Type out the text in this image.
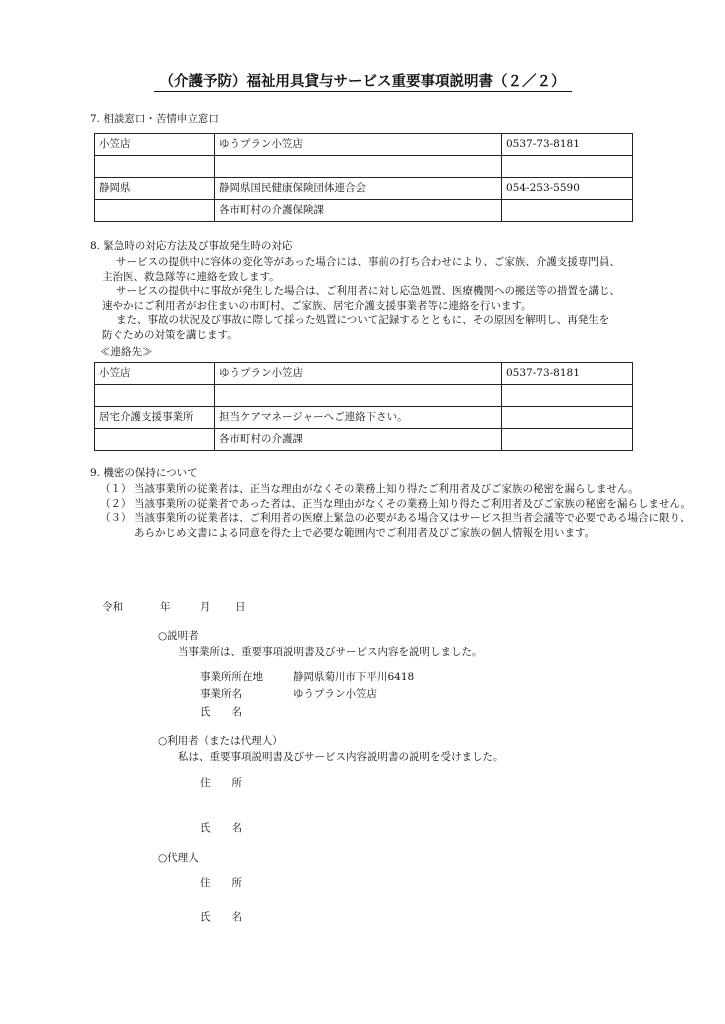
（介護予防）福祉用具貸与サービス重要事項説明書（２／２）
7. 相談窓口・苦情申立窓口
小笠店	ゆうプラン小笠店	0537-73-8181

静岡県	静岡県国民健康保険団体連合会	054-253-5590
	各市町村の介護保険課	
8. 緊急時の対応方法及び事故発生時の対応
サービスの提供中に容体の変化等があった場合には、事前の打ち合わせにより、ご家族、介護支援専門員、
主治医、救急隊等に連絡を致します。
サービスの提供中に事故が発生した場合は、ご利用者に対し応急処置、医療機関への搬送等の措置を講じ、
速やかにご利用者がお住まいの市町村、ご家族、居宅介護支援事業者等に連絡を行います。
また、事故の状況及び事故に際して採った処置について記録するとともに、その原因を解明し、再発生を
防ぐための対策を講じます。
≪連絡先≫
小笠店	ゆうプラン小笠店	0537-73-8181

居宅介護支援事業所	担当ケアマネージャーへご連絡下さい。	
	各市町村の介護課	
9. 機密の保持について
（１） 当該事業所の従業者は、正当な理由がなくその業務上知り得たご利用者及びご家族の秘密を漏らしません。
（２） 当該事業所の従業者であった者は、正当な理由がなくその業務上知り得たご利用者及びご家族の秘密を漏らしません。
（３） 当該事業所の従業者は、ご利用者の医療上緊急の必要がある場合又はサービス担当者会議等で必要である場合に限り、あらかじめ文書による同意を得た上で必要な範囲内でご利用者及びご家族の個人情報を用います。
令和	年	月 日
○説明者
当事業所は、重要事項説明書及びサービス内容を説明しました。
事業所所在地	静岡県菊川市下平川6418
事業所名	ゆうプラン小笠店
氏　　名
○利用者（または代理人）
私は、重要事項説明書及びサービス内容説明書の説明を受けました。
住　　所
氏　　名
○代理人
住　　所
氏　　名
